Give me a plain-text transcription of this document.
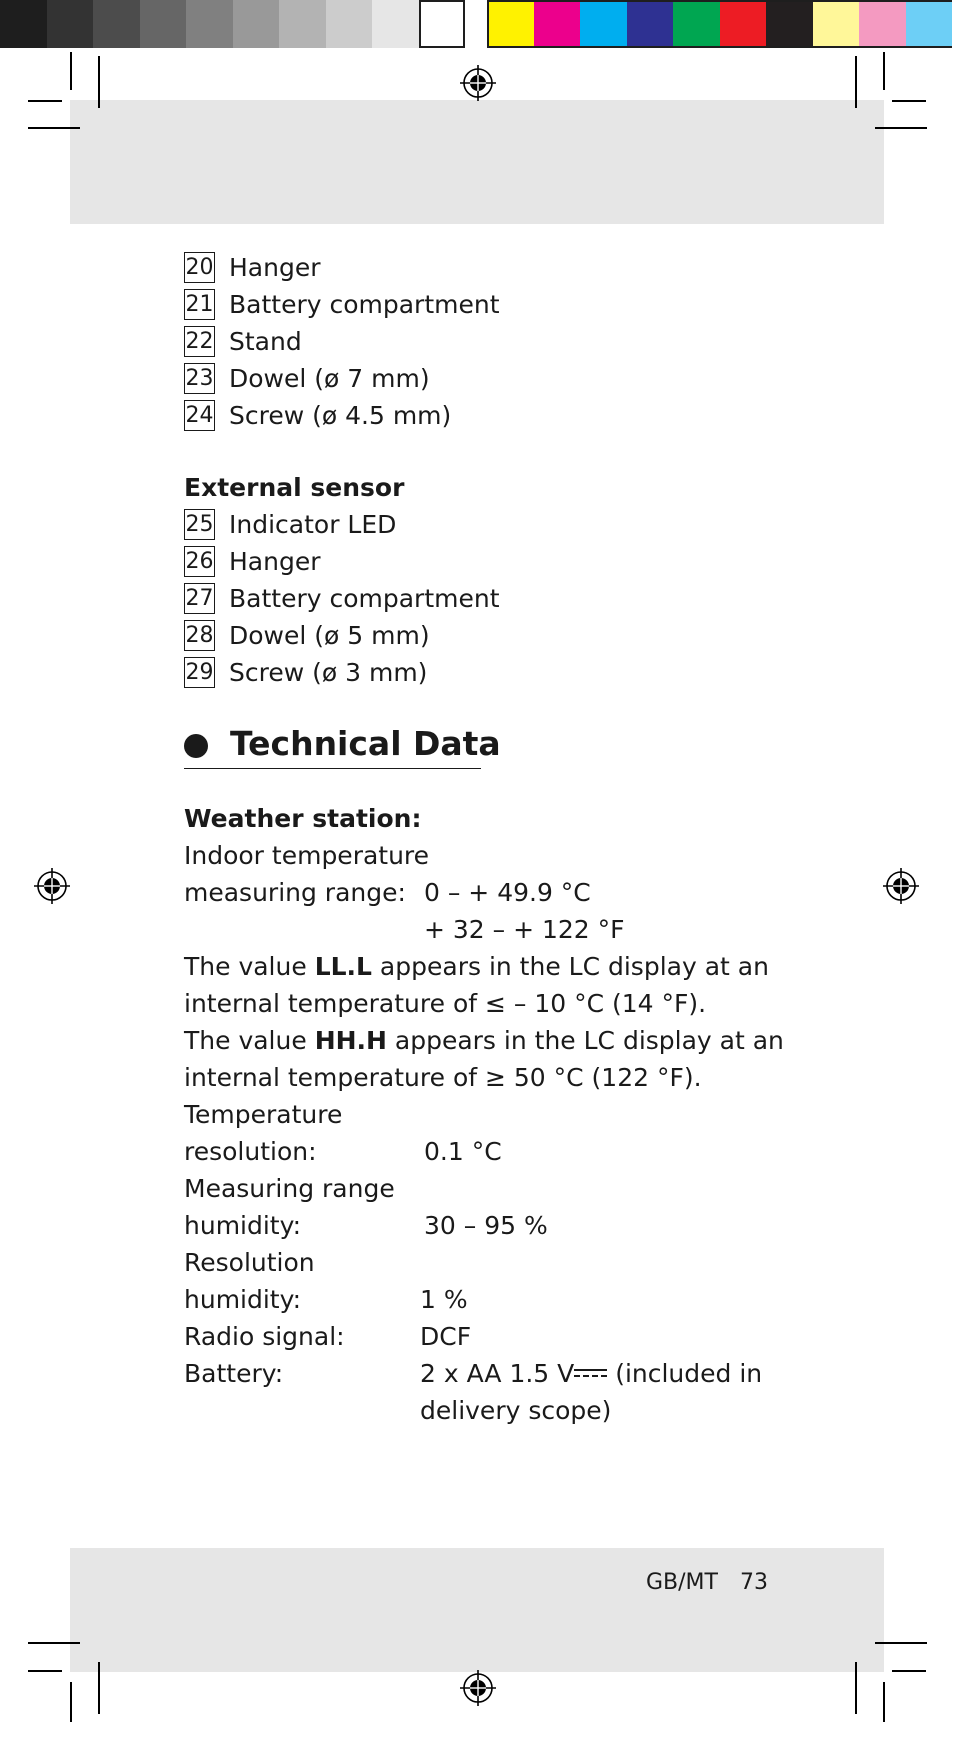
20 Hanger
21 Battery compartment
22 Stand
23 Dowel (ø 7 mm)
24 Screw (ø 4.5 mm)
External sensor
25 Indicator LED
26 Hanger
27 Battery compartment
28 Dowel (ø 5 mm)
29 Screw (ø 3 mm)
Technical Data
Weather station:
Indoor temperature
measuring range: 0 – + 49.9 °C
+ 32 – + 122 °F
The value LL.L appears in the LC display at an
internal temperature of ≤ – 10 °C (14 °F).
The value HH.H appears in the LC display at an
internal temperature of ≥ 50 °C (122 °F).
Temperature
resolution:	0.1 °C
Measuring range
humidity:	30 – 95 %
Resolution
humidity:	1 %
Radio signal:	DCF
Battery:	2 x AA 1.5 V
(included in
delivery scope)
GB/MT 73
